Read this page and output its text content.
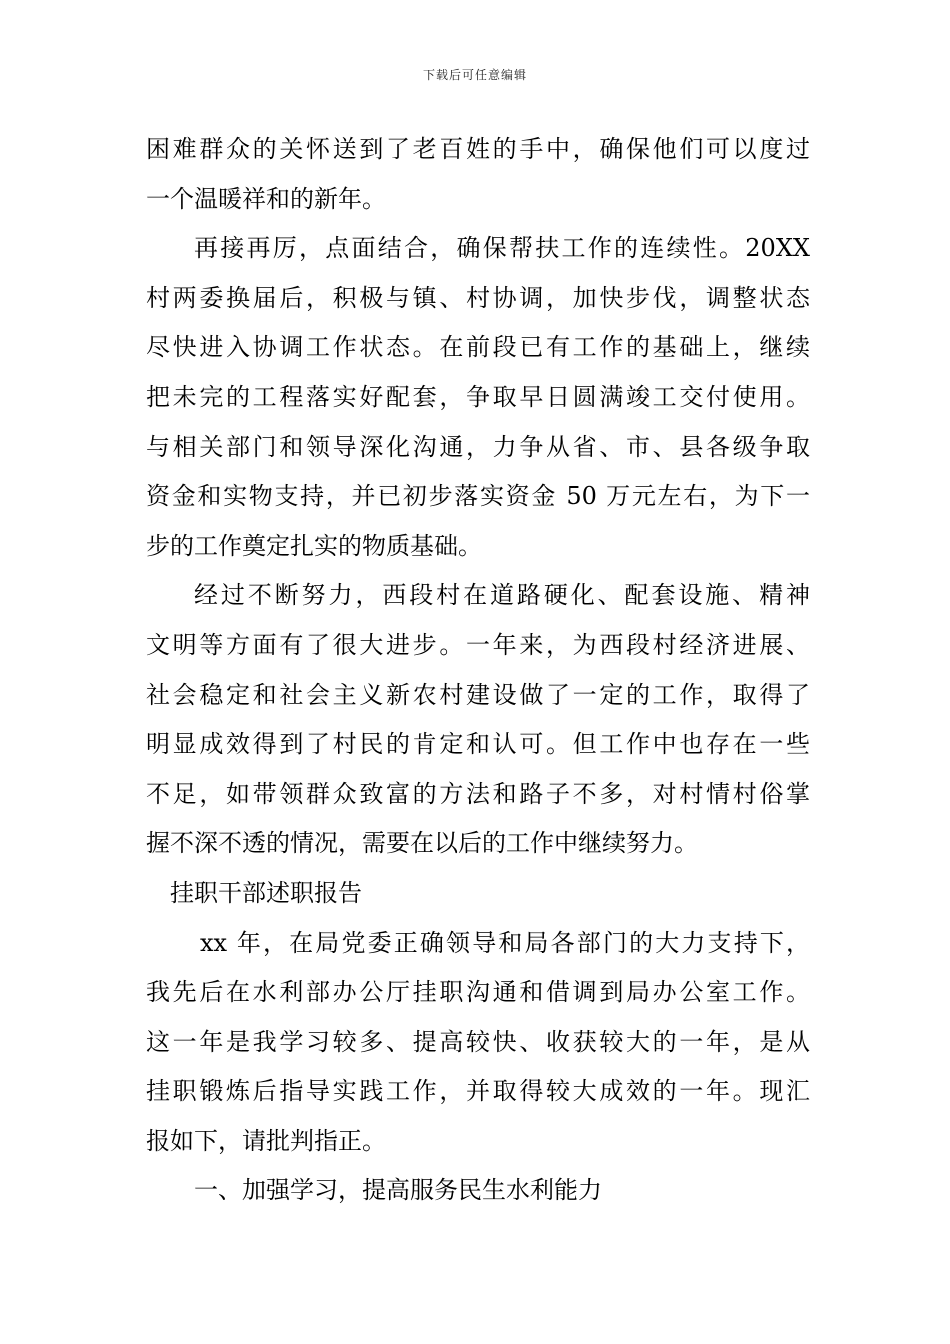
下载后可任意编辑
困难群众的关怀送到了老百姓的手中，确保他们可以度过
一个温暖祥和的新年。
再接再厉，点面结合，确保帮扶工作的连续性。20XX
村两委换届后，积极与镇、村协调，加快步伐，调整状态
尽快进入协调工作状态。在前段已有工作的基础上，继续
把未完的工程落实好配套，争取早日圆满竣工交付使用。
与相关部门和领导深化沟通，力争从省、市、县各级争取
资金和实物支持，并已初步落实资金 50 万元左右，为下一
步的工作奠定扎实的物质基础。
经过不断努力，西段村在道路硬化、配套设施、精神
文明等方面有了很大进步。一年来，为西段村经济进展、
社会稳定和社会主义新农村建设做了一定的工作，取得了
明显成效得到了村民的肯定和认可。但工作中也存在一些
不足，如带领群众致富的方法和路子不多，对村情村俗掌
握不深不透的情况，需要在以后的工作中继续努力。
挂职干部述职报告
xx 年，在局党委正确领导和局各部门的大力支持下，
我先后在水利部办公厅挂职沟通和借调到局办公室工作。
这一年是我学习较多、提高较快、收获较大的一年，是从
挂职锻炼后指导实践工作，并取得较大成效的一年。现汇
报如下，请批判指正。
一、加强学习，提高服务民生水利能力
